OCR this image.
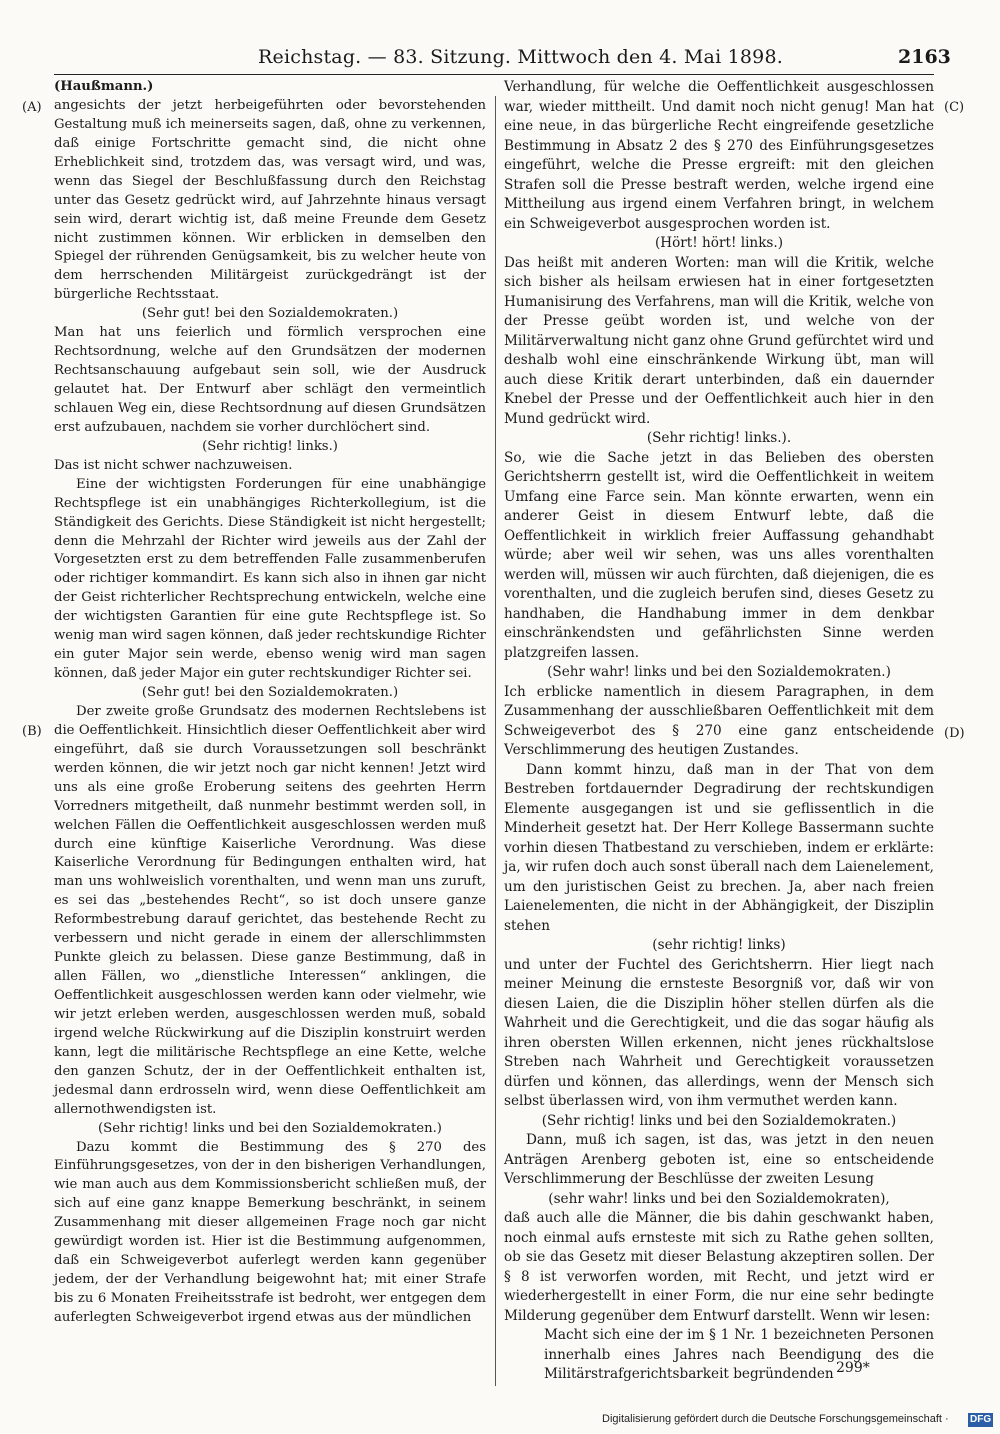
Reichstag. — 83. Sitzung. Mittwoch den 4. Mai 1898.	2163
(A)
(B)
(C)
(D)

(Haußmann.)

angesichts der jetzt herbeigeführten oder bevorstehenden Gestaltung muß ich meinerseits sagen, daß, ohne zu verkennen, daß einige Fortschritte gemacht sind, die nicht ohne Erheblichkeit sind, trotzdem das, was versagt wird, und was, wenn das Siegel der Beschlußfassung durch den Reichstag unter das Gesetz gedrückt wird, auf Jahrzehnte hinaus versagt sein wird, derart wichtig ist, daß meine Freunde dem Gesetz nicht zustimmen können. Wir erblicken in demselben den Spiegel der rührenden Genügsamkeit, bis zu welcher heute von dem herrschenden Militärgeist zurückgedrängt ist der bürgerliche Rechtsstaat.

(Sehr gut! bei den Sozialdemokraten.)

Man hat uns feierlich und förmlich versprochen eine Rechtsordnung, welche auf den Grundsätzen der modernen Rechtsanschauung aufgebaut sein soll, wie der Ausdruck gelautet hat. Der Entwurf aber schlägt den vermeintlich schlauen Weg ein, diese Rechtsordnung auf diesen Grundsätzen erst aufzubauen, nachdem sie vorher durchlöchert sind.

(Sehr richtig! links.)

Das ist nicht schwer nachzuweisen.

Eine der wichtigsten Forderungen für eine unabhängige Rechtspflege ist ein unabhängiges Richterkollegium, ist die Ständigkeit des Gerichts. Diese Ständigkeit ist nicht hergestellt; denn die Mehrzahl der Richter wird jeweils aus der Zahl der Vorgesetzten erst zu dem betreffenden Falle zusammenberufen oder richtiger kommandirt. Es kann sich also in ihnen gar nicht der Geist richterlicher Rechtsprechung entwickeln, welche eine der wichtigsten Garantien für eine gute Rechtspflege ist. So wenig man wird sagen können, daß jeder rechtskundige Richter ein guter Major sein werde, ebenso wenig wird man sagen können, daß jeder Major ein guter rechtskundiger Richter sei.

(Sehr gut! bei den Sozialdemokraten.)

Der zweite große Grundsatz des modernen Rechtslebens ist die Oeffentlichkeit. Hinsichtlich dieser Oeffentlichkeit aber wird eingeführt, daß sie durch Voraussetzungen soll beschränkt werden können, die wir jetzt noch gar nicht kennen! Jetzt wird uns als eine große Eroberung seitens des geehrten Herrn Vorredners mitgetheilt, daß nunmehr bestimmt werden soll, in welchen Fällen die Oeffentlichkeit ausgeschlossen werden muß durch eine künftige Kaiserliche Verordnung. Was diese Kaiserliche Verordnung für Bedingungen enthalten wird, hat man uns wohlweislich vorenthalten, und wenn man uns zuruft, es sei das „bestehendes Recht“, so ist doch unsere ganze Reformbestrebung darauf gerichtet, das bestehende Recht zu verbessern und nicht gerade in einem der allerschlimmsten Punkte gleich zu belassen. Diese ganze Bestimmung, daß in allen Fällen, wo „dienstliche Interessen“ anklingen, die Oeffentlichkeit ausgeschlossen werden kann oder vielmehr, wie wir jetzt erleben werden, ausgeschlossen werden muß, sobald irgend welche Rückwirkung auf die Disziplin konstruirt werden kann, legt die militärische Rechtspflege an eine Kette, welche den ganzen Schutz, der in der Oeffentlichkeit enthalten ist, jedesmal dann erdrosseln wird, wenn diese Oeffentlichkeit am allernothwendigsten ist.

(Sehr richtig! links und bei den Sozialdemokraten.)

Dazu kommt die Bestimmung des § 270 des Einführungsgesetzes, von der in den bisherigen Verhandlungen, wie man auch aus dem Kommissionsbericht schließen muß, der sich auf eine ganz knappe Bemerkung beschränkt, in seinem Zusammenhang mit dieser allgemeinen Frage noch gar nicht gewürdigt worden ist. Hier ist die Bestimmung aufgenommen, daß ein Schweigeverbot auferlegt werden kann gegenüber jedem, der der Verhandlung beigewohnt hat; mit einer Strafe bis zu 6 Monaten Freiheitsstrafe ist bedroht, wer entgegen dem auferlegten Schweigeverbot irgend etwas aus der mündlichen

Verhandlung, für welche die Oeffentlichkeit ausgeschlossen war, wieder mittheilt. Und damit noch nicht genug! Man hat eine neue, in das bürgerliche Recht eingreifende gesetzliche Bestimmung in Absatz 2 des § 270 des Einführungsgesetzes eingeführt, welche die Presse ergreift: mit den gleichen Strafen soll die Presse bestraft werden, welche irgend eine Mittheilung aus irgend einem Verfahren bringt, in welchem ein Schweigeverbot ausgesprochen worden ist.

(Hört! hört! links.)

Das heißt mit anderen Worten: man will die Kritik, welche sich bisher als heilsam erwiesen hat in einer fortgesetzten Humanisirung des Verfahrens, man will die Kritik, welche von der Presse geübt worden ist, und welche von der Militärverwaltung nicht ganz ohne Grund gefürchtet wird und deshalb wohl eine einschränkende Wirkung übt, man will auch diese Kritik derart unterbinden, daß ein dauernder Knebel der Presse und der Oeffentlichkeit auch hier in den Mund gedrückt wird.

(Sehr richtig! links.).

So, wie die Sache jetzt in das Belieben des obersten Gerichtsherrn gestellt ist, wird die Oeffentlichkeit in weitem Umfang eine Farce sein. Man könnte erwarten, wenn ein anderer Geist in diesem Entwurf lebte, daß die Oeffentlichkeit in wirklich freier Auffassung gehandhabt würde; aber weil wir sehen, was uns alles vorenthalten werden will, müssen wir auch fürchten, daß diejenigen, die es vorenthalten, und die zugleich berufen sind, dieses Gesetz zu handhaben, die Handhabung immer in dem denkbar einschränkendsten und gefährlichsten Sinne werden platzgreifen lassen.

(Sehr wahr! links und bei den Sozialdemokraten.)

Ich erblicke namentlich in diesem Paragraphen, in dem Zusammenhang der ausschließbaren Oeffentlichkeit mit dem Schweigeverbot des § 270 eine ganz entscheidende Verschlimmerung des heutigen Zustandes.

Dann kommt hinzu, daß man in der That von dem Bestreben fortdauernder Degradirung der rechtskundigen Elemente ausgegangen ist und sie geflissentlich in die Minderheit gesetzt hat. Der Herr Kollege Bassermann suchte vorhin diesen Thatbestand zu verschieben, indem er erklärte: ja, wir rufen doch auch sonst überall nach dem Laienelement, um den juristischen Geist zu brechen. Ja, aber nach freien Laienelementen, die nicht in der Abhängigkeit, der Disziplin stehen

(sehr richtig! links)

und unter der Fuchtel des Gerichtsherrn. Hier liegt nach meiner Meinung die ernsteste Besorgniß vor, daß wir von diesen Laien, die die Disziplin höher stellen dürfen als die Wahrheit und die Gerechtigkeit, und die das sogar häufig als ihren obersten Willen erkennen, nicht jenes rückhaltslose Streben nach Wahrheit und Gerechtigkeit voraussetzen dürfen und können, das allerdings, wenn der Mensch sich selbst überlassen wird, von ihm vermuthet werden kann.

(Sehr richtig! links und bei den Sozialdemokraten.)

Dann, muß ich sagen, ist das, was jetzt in den neuen Anträgen Arenberg geboten ist, eine so entscheidende Verschlimmerung der Beschlüsse der zweiten Lesung

(sehr wahr! links und bei den Sozialdemokraten),

daß auch alle die Männer, die bis dahin geschwankt haben, noch einmal aufs ernsteste mit sich zu Rathe gehen sollten, ob sie das Gesetz mit dieser Belastung akzeptiren sollen. Der § 8 ist verworfen worden, mit Recht, und jetzt wird er wiederhergestellt in einer Form, die nur eine sehr bedingte Milderung gegenüber dem Entwurf darstellt. Wenn wir lesen:

Macht sich eine der im § 1 Nr. 1 bezeichneten Personen innerhalb eines Jahres nach Beendigung des die Militärstrafgerichtsbarkeit begründenden 299*
Digitalisierung gefördert durch die Deutsche Forschungsgemeinschaft · DFG
